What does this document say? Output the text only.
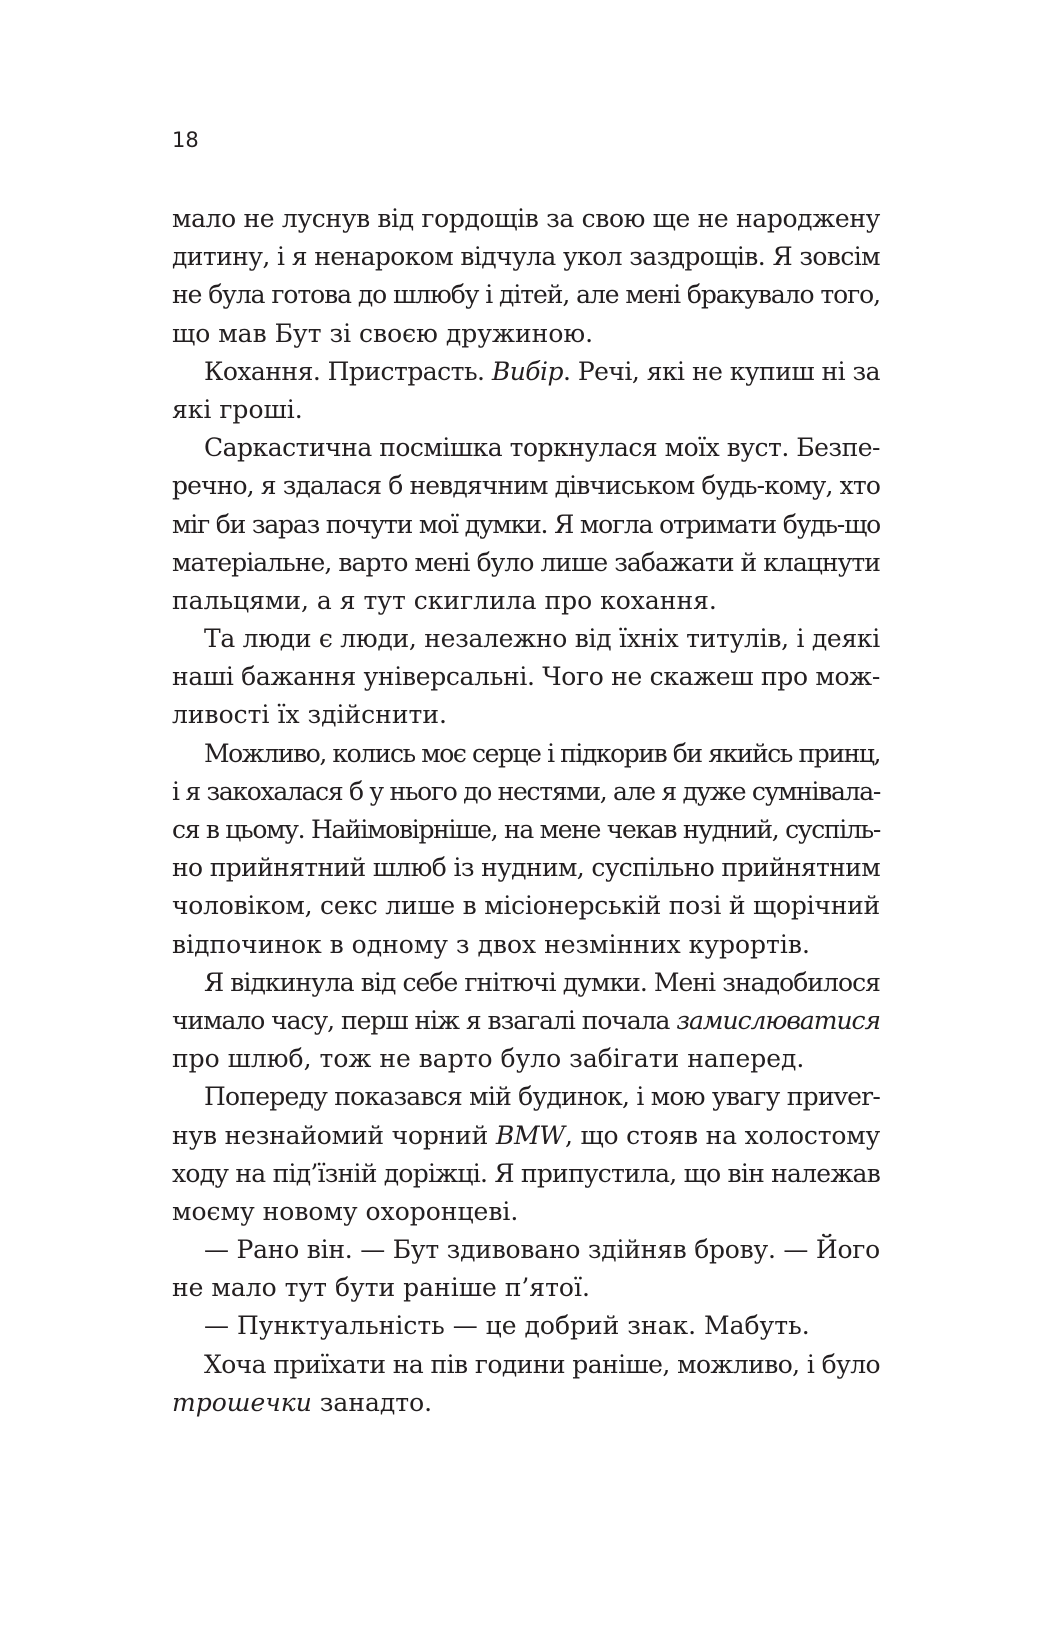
18
мало не луснув від гордощів за свою ще не народжену
дитину, і я ненароком відчула укол заздрощів. Я зовсім
не була готова до шлюбу і дітей, але мені бракувало того,
що мав Бут зі своєю дружиною.
Кохання. Пристрасть. Вибір. Речі, які не купиш ні за
які гроші.
Саркастична посмішка торкнулася моїх вуст. Безпе-
речно, я здалася б невдячним дівчиськом будь-кому, хто
міг би зараз почути мої думки. Я могла отримати будь-що
матеріальне, варто мені було лише забажати й клацнути
пальцями, а я тут скиглила про кохання.
Та люди є люди, незалежно від їхніх титулів, і деякі
наші бажання універсальні. Чого не скажеш про мож-
ливості їх здійснити.
Можливо, колись моє серце і підкорив би якийсь принц,
і я закохалася б у нього до нестями, але я дуже сумнівала-
ся в цьому. Найімовірніше, на мене чекав нудний, суспіль-
но прийнятний шлюб із нудним, суспільно прийнятним
чоловіком, секс лише в місіонерській позі й щорічний
відпочинок в одному з двох незмінних курортів.
Я відкинула від себе гнітючі думки. Мені знадобилося
чимало часу, перш ніж я взагалі почала замислюватися
про шлюб, тож не варто було забігати наперед.
Попереду показався мій будинок, і мою увагу приver-
нув незнайомий чорний BMW, що стояв на холостому
ходу на під’їзній доріжці. Я припустила, що він належав
моєму новому охоронцеві.
— Рано він. — Бут здивовано здійняв брову. — Його
не мало тут бути раніше п’ятої.
— Пунктуальність — це добрий знак. Мабуть.
Хоча приїхати на пів години раніше, можливо, і було
трошечки занадто.
